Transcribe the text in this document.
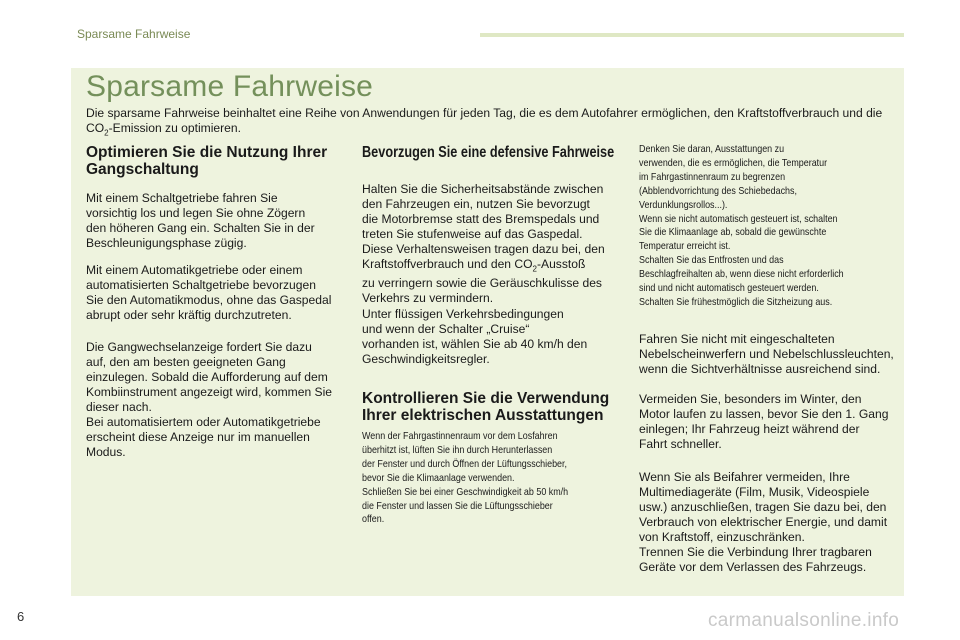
Sparsame Fahrweise
Sparsame Fahrweise
Die sparsame Fahrweise beinhaltet eine Reihe von Anwendungen für jeden Tag, die es dem Autofahrer ermöglichen, den Kraftstoffverbrauch und die $CO_2$-Emission zu optimieren.
Optimieren Sie die Nutzung Ihrer
Gangschaltung

Mit einem Schaltgetriebe fahren Sie
vorsichtig los und legen Sie ohne Zögern
den höheren Gang ein. Schalten Sie in der
Beschleunigungsphase zügig.

Mit einem Automatikgetriebe oder einem
automatisierten Schaltgetriebe bevorzugen
Sie den Automatikmodus, ohne das Gaspedal
abrupt oder sehr kräftig durchzutreten.

Die Gangwechselanzeige fordert Sie dazu
auf, den am besten geeigneten Gang
einzulegen. Sobald die Aufforderung auf dem
Kombiinstrument angezeigt wird, kommen Sie
dieser nach.
Bei automatisiertem oder Automatikgetriebe
erscheint diese Anzeige nur im manuellen
Modus.

Bevorzugen Sie eine defensive Fahrweise

Halten Sie die Sicherheitsabstände zwischen
den Fahrzeugen ein, nutzen Sie bevorzugt
die Motorbremse statt des Bremspedals und
treten Sie stufenweise auf das Gaspedal.
Diese Verhaltensweisen tragen dazu bei, den
Kraftstoffverbrauch und den $CO_2$-Ausstoß
zu verringern sowie die Geräuschkulisse des
Verkehrs zu vermindern.

Unter flüssigen Verkehrsbedingungen
und wenn der Schalter „Cruise“
vorhanden ist, wählen Sie ab 40 km/h den
Geschwindigkeitsregler.

Kontrollieren Sie die Verwendung
Ihrer elektrischen Ausstattungen

Wenn der Fahrgastinnenraum vor dem Losfahren
überhitzt ist, lüften Sie ihn durch Herunterlassen
der Fenster und durch Öffnen der Lüftungsschieber,
bevor Sie die Klimaanlage verwenden.
Schließen Sie bei einer Geschwindigkeit ab 50 km/h
die Fenster und lassen Sie die Lüftungsschieber
offen.

Denken Sie daran, Ausstattungen zu
verwenden, die es ermöglichen, die Temperatur
im Fahrgastinnenraum zu begrenzen
(Abblendvorrichtung des Schiebedachs,
Verdunklungsrollos...).
Wenn sie nicht automatisch gesteuert ist, schalten
Sie die Klimaanlage ab, sobald die gewünschte
Temperatur erreicht ist.
Schalten Sie das Entfrosten und das
Beschlagfreihalten ab, wenn diese nicht erforderlich
sind und nicht automatisch gesteuert werden.
Schalten Sie frühestmöglich die Sitzheizung aus.

Fahren Sie nicht mit eingeschalteten
Nebelscheinwerfern und Nebelschlussleuchten,
wenn die Sichtverhältnisse ausreichend sind.

Vermeiden Sie, besonders im Winter, den
Motor laufen zu lassen, bevor Sie den 1. Gang
einlegen; Ihr Fahrzeug heizt während der
Fahrt schneller.

Wenn Sie als Beifahrer vermeiden, Ihre
Multimediageräte (Film, Musik, Videospiele
usw.) anzuschließen, tragen Sie dazu bei, den
Verbrauch von elektrischer Energie, und damit
von Kraftstoff, einzuschränken.
Trennen Sie die Verbindung Ihrer tragbaren
Geräte vor dem Verlassen des Fahrzeugs.

6	carmanualsonline.info
